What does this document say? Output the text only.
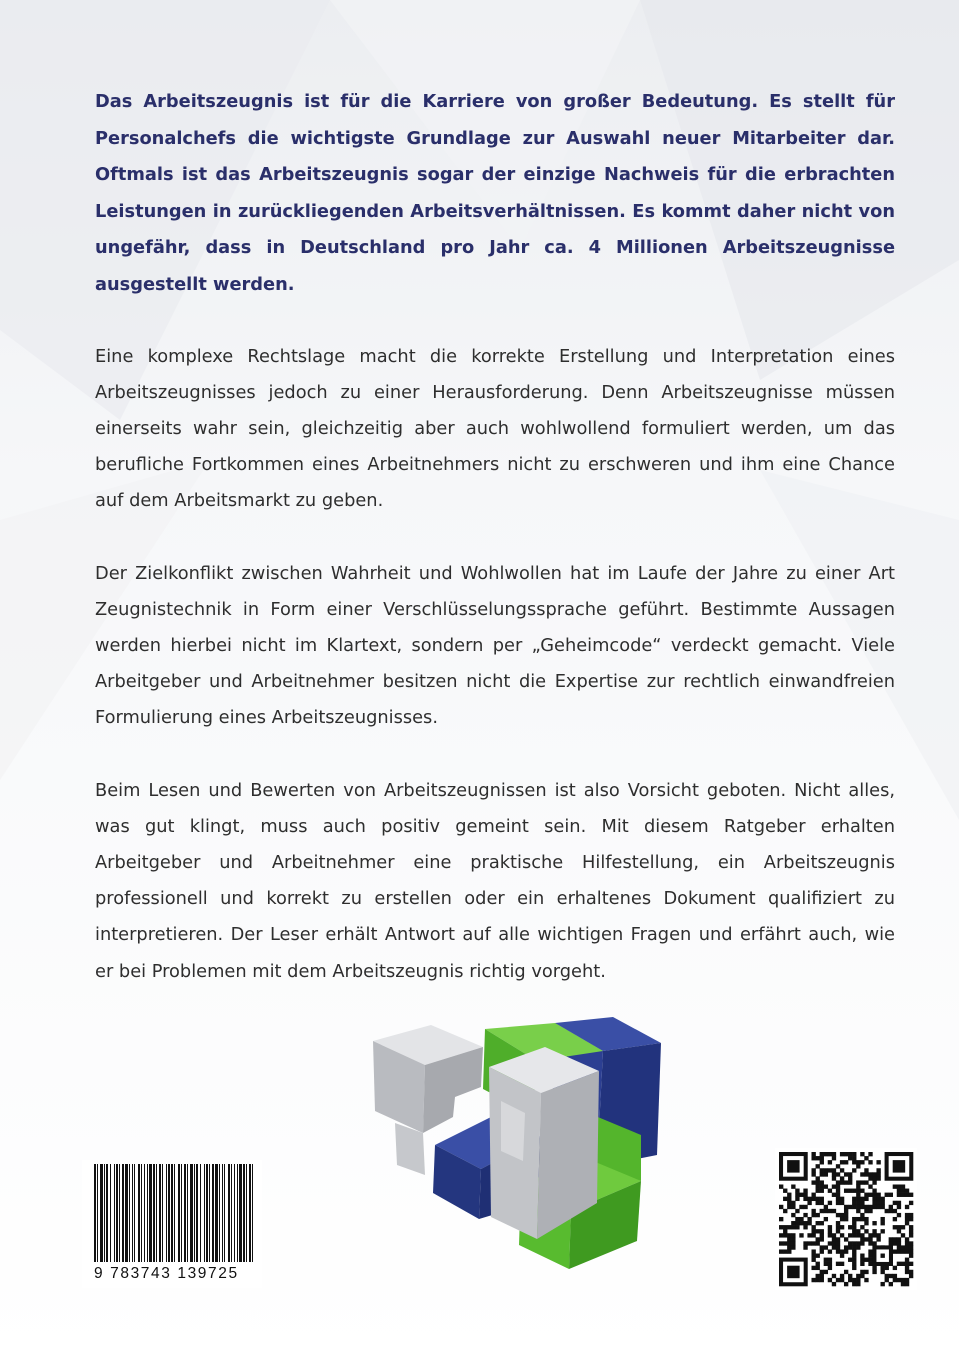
Das Arbeitszeugnis ist für die Karriere von großer Bedeutung. Es stellt für Personalchefs die wichtigste Grundlage zur Auswahl neuer Mitarbeiter dar. Oftmals ist das Arbeitszeugnis sogar der einzige Nachweis für die erbrachten Leistungen in zurückliegenden Arbeitsverhältnissen. Es kommt daher nicht von ungefähr, dass in Deutschland pro Jahr ca. 4 Millionen Arbeitszeugnisse ausgestellt werden.

Eine komplexe Rechtslage macht die korrekte Erstellung und Interpretation eines Arbeitszeugnisses jedoch zu einer Herausforderung. Denn Arbeitszeugnisse müssen einerseits wahr sein, gleichzeitig aber auch wohlwollend formuliert werden, um das berufliche Fortkommen eines Arbeitnehmers nicht zu erschweren und ihm eine Chance auf dem Arbeitsmarkt zu geben.

Der Zielkonflikt zwischen Wahrheit und Wohlwollen hat im Laufe der Jahre zu einer Art Zeugnistechnik in Form einer Verschlüsselungssprache geführt. Bestimmte Aussagen werden hierbei nicht im Klartext, sondern per „Geheimcode“ verdeckt gemacht. Viele Arbeitgeber und Arbeitnehmer besitzen nicht die Expertise zur rechtlich einwandfreien Formulierung eines Arbeitszeugnisses.

Beim Lesen und Bewerten von Arbeitszeugnissen ist also Vorsicht geboten. Nicht alles, was gut klingt, muss auch positiv gemeint sein. Mit diesem Ratgeber erhalten Arbeitgeber und Arbeitnehmer eine praktische Hilfestellung, ein Arbeitszeugnis professionell und korrekt zu erstellen oder ein erhaltenes Dokument qualifiziert zu interpretieren. Der Leser erhält Antwort auf alle wichtigen Fragen und erfährt auch, wie er bei Problemen mit dem Arbeitszeugnis richtig vorgeht.

9 783743 139725
